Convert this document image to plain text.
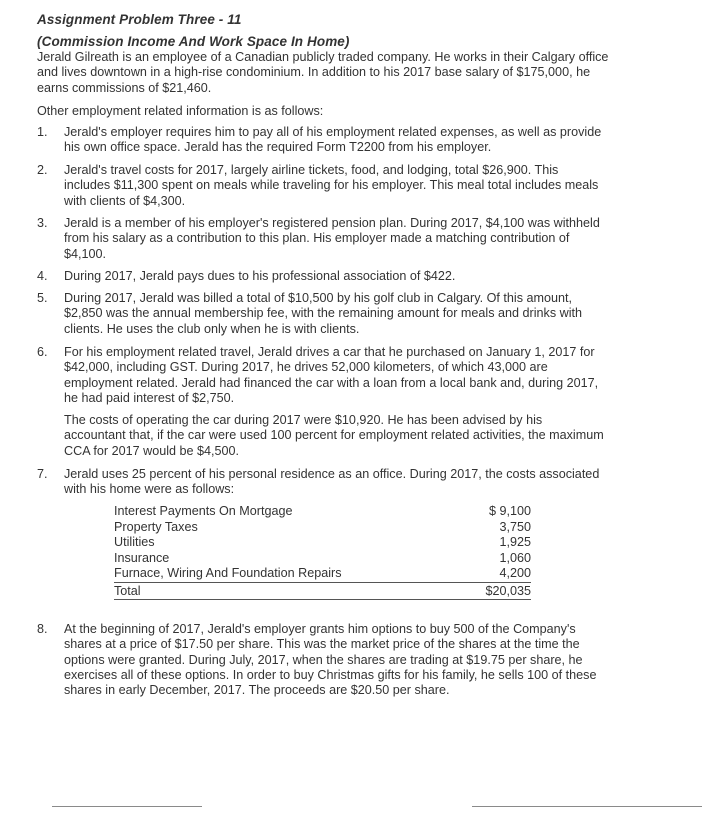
Assignment Problem Three - 11
(Commission Income And Work Space In Home)
Jerald Gilreath is an employee of a Canadian publicly traded company. He works in their Calgary office and lives downtown in a high-rise condominium. In addition to his 2017 base salary of $175,000, he earns commissions of $21,460.
Other employment related information is as follows:
1.	Jerald's employer requires him to pay all of his employment related expenses, as well as provide his own office space. Jerald has the required Form T2200 from his employer.
2.	Jerald's travel costs for 2017, largely airline tickets, food, and lodging, total $26,900. This includes $11,300 spent on meals while traveling for his employer. This meal total includes meals with clients of $4,300.
3.	Jerald is a member of his employer's registered pension plan. During 2017, $4,100 was withheld from his salary as a contribution to this plan. His employer made a matching contribution of $4,100.
4.	During 2017, Jerald pays dues to his professional association of $422.
5.	During 2017, Jerald was billed a total of $10,500 by his golf club in Calgary. Of this amount, $2,850 was the annual membership fee, with the remaining amount for meals and drinks with clients. He uses the club only when he is with clients.
6.	For his employment related travel, Jerald drives a car that he purchased on January 1, 2017 for $42,000, including GST. During 2017, he drives 52,000 kilometers, of which 43,000 are employment related. Jerald had financed the car with a loan from a local bank and, during 2017, he had paid interest of $2,750.
The costs of operating the car during 2017 were $10,920. He has been advised by his accountant that, if the car were used 100 percent for employment related activities, the maximum CCA for 2017 would be $4,500.
7.	Jerald uses 25 percent of his personal residence as an office. During 2017, the costs associated with his home were as follows:
Interest Payments On Mortgage	$ 9,100
Property Taxes	3,750
Utilities	1,925
Insurance	1,060
Furnace, Wiring And Foundation Repairs	4,200
Total	$20,035
8.	At the beginning of 2017, Jerald's employer grants him options to buy 500 of the Company's shares at a price of $17.50 per share. This was the market price of the shares at the time the options were granted. During July, 2017, when the shares are trading at $19.75 per share, he exercises all of these options. In order to buy Christmas gifts for his family, he sells 100 of these shares in early December, 2017. The proceeds are $20.50 per share.
